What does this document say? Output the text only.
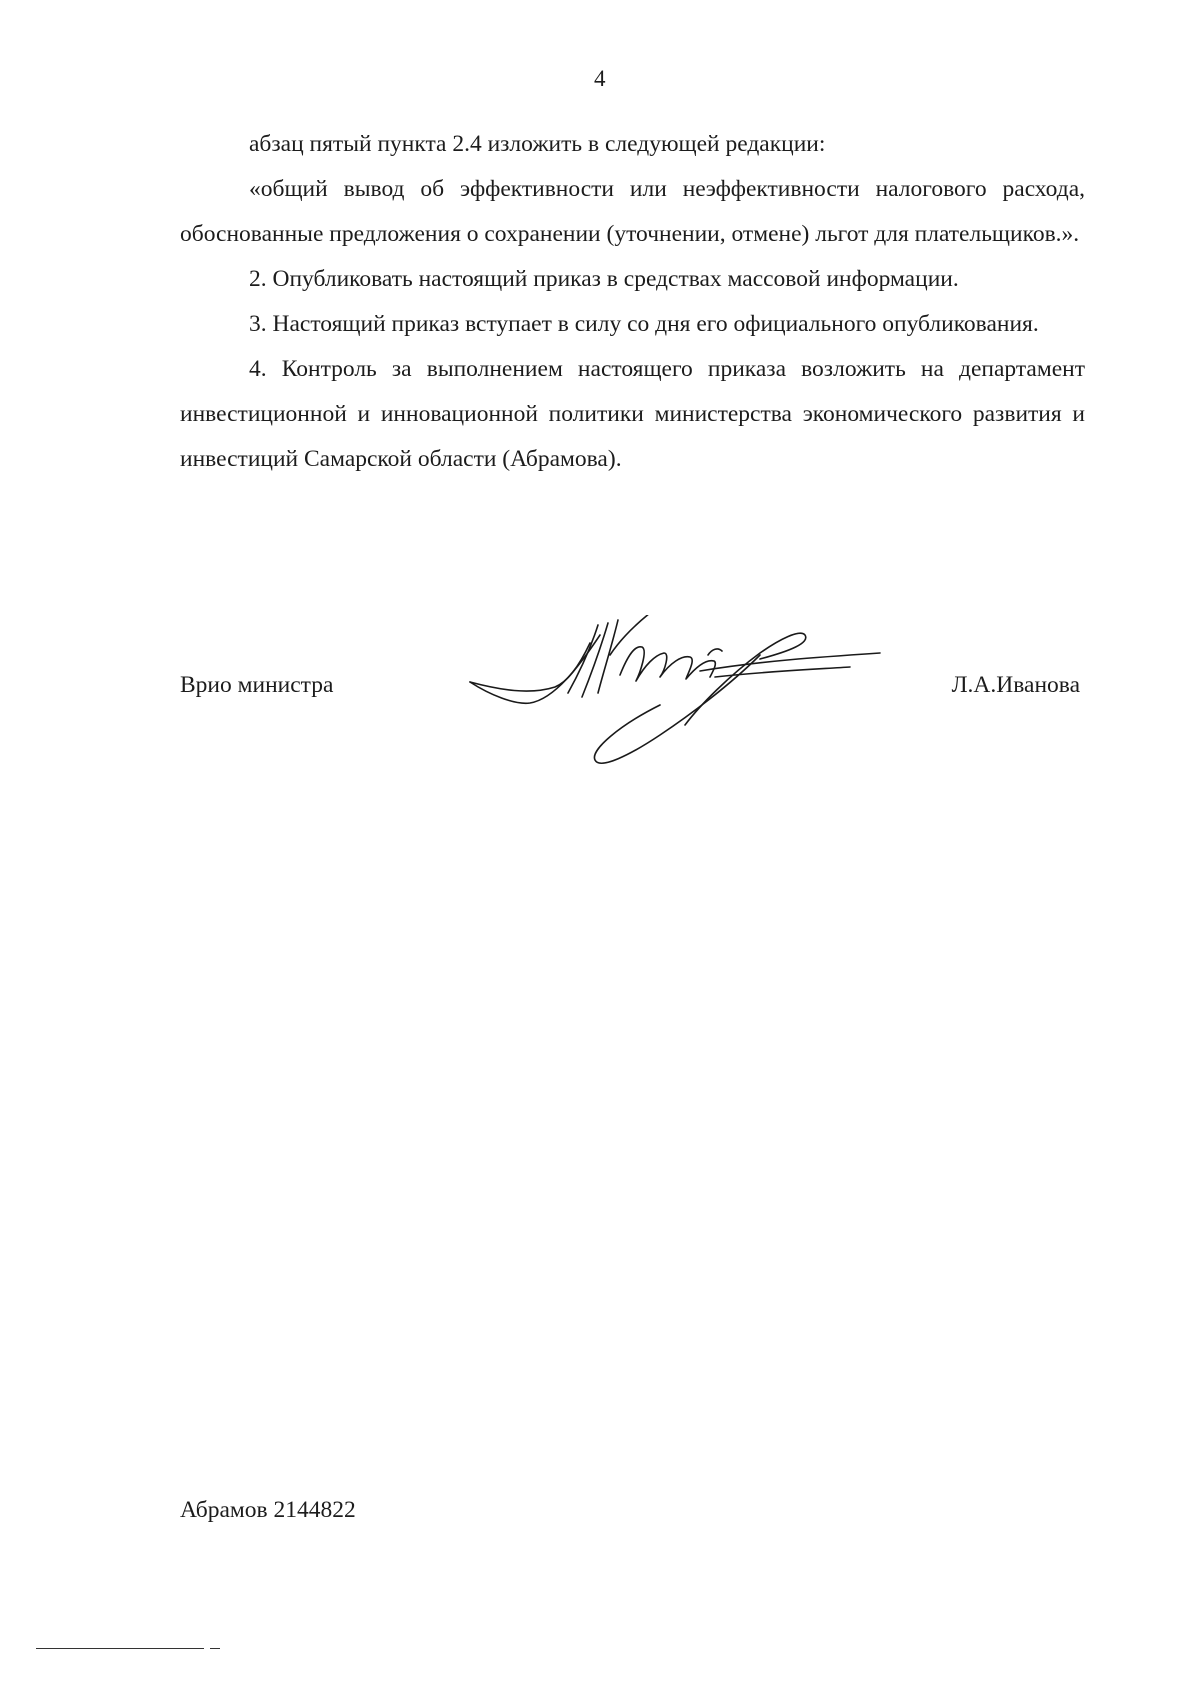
4

абзац пятый пункта 2.4 изложить в следующей редакции:

«общий вывод об эффективности или неэффективности налогового расхода, обоснованные предложения о сохранении (уточнении, отмене) льгот для плательщиков.».

2. Опубликовать настоящий приказ в средствах массовой информации.

3. Настоящий приказ вступает в силу со дня его официального опубликования.

4. Контроль за выполнением настоящего приказа возложить на департамент инвестиционной и инновационной политики министерства экономического развития и инвестиций Самарской области (Абрамова).

Врио министра	Л.А.Иванова
Абрамов 2144822
